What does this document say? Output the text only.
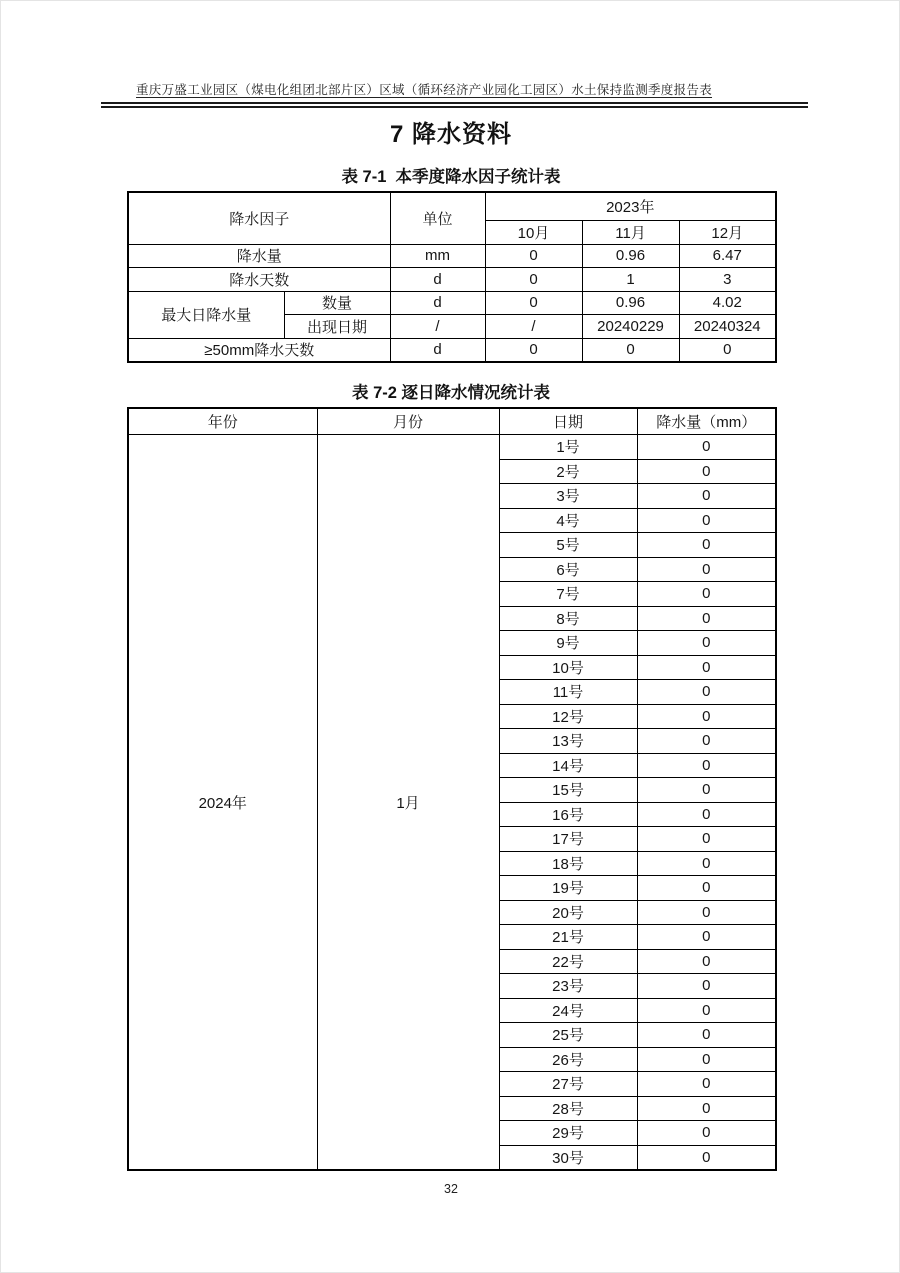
重庆万盛工业园区（煤电化组团北部片区）区域（循环经济产业园化工园区）水土保持监测季度报告表
7 降水资料
表 7-1  本季度降水因子统计表
降水因子		单位	2023年		
			10月	11月	12月
降水量		mm	0	0.96	6.47
降水天数		d	0	1	3
最大日降水量	数量	d	0	0.96	4.02
	出现日期	/	/	20240229	20240324
≥50mm降水天数		d	0	0	0
表 7-2 逐日降水情况统计表
年份	月份	日期	降水量（mm）
2024年	1月	1号	0
		2号	0
		3号	0
		4号	0
		5号	0
		6号	0
		7号	0
		8号	0
		9号	0
		10号	0
		11号	0
		12号	0
		13号	0
		14号	0
		15号	0
		16号	0
		17号	0
		18号	0
		19号	0
		20号	0
		21号	0
		22号	0
		23号	0
		24号	0
		25号	0
		26号	0
		27号	0
		28号	0
		29号	0
		30号	0
32
